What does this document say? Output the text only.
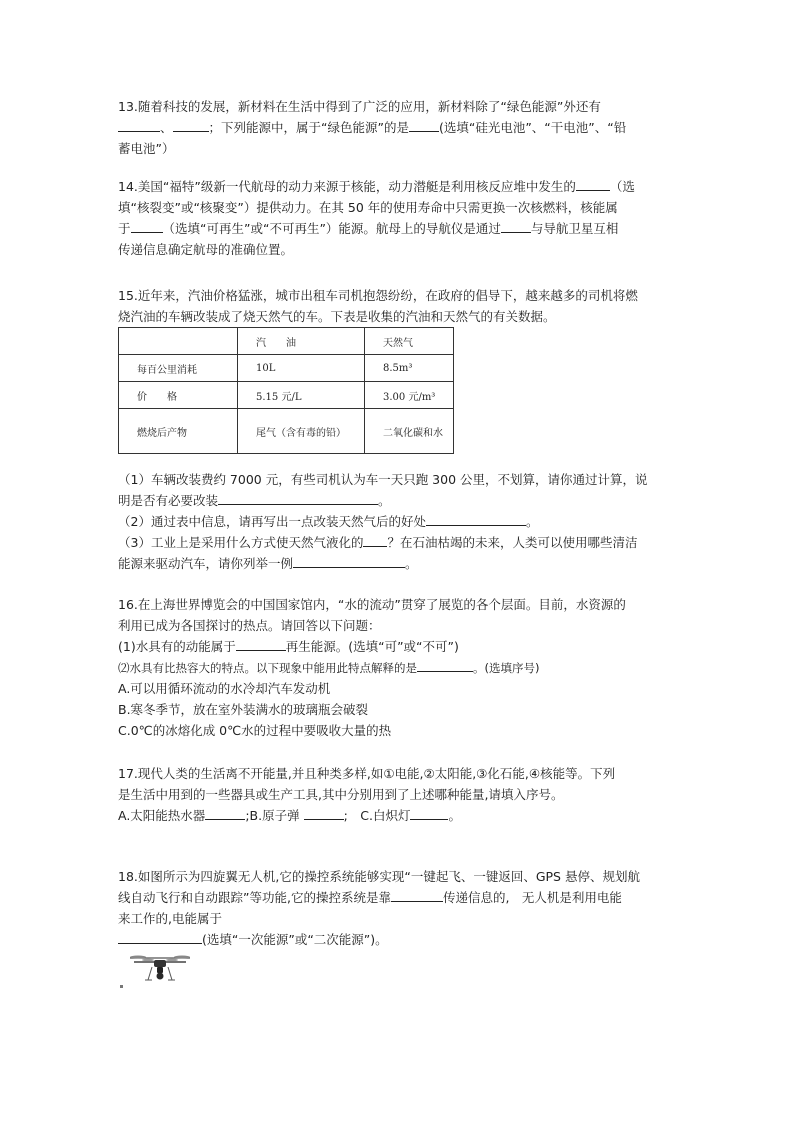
13.随着科技的发展，新材料在生活中得到了广泛的应用，新材料除了“绿色能源”外还有
、	；下列能源中，属于“绿色能源”的是 (选填“硅光电池”、“干电池”、“铅
蓄电池”）
14.美国“福特”级新一代航母的动力来源于核能，动力潜艇是利用核反应堆中发生的	（选
填“核裂变”或“核聚变”）提供动力。在其 50 年的使用寿命中只需更换一次核燃料，核能属
于	（选填“可再生”或“不可再生”）能源。航母上的导航仪是通过 与导航卫星互相
传递信息确定航母的准确位置。
15.近年来，汽油价格猛涨，城市出租车司机抱怨纷纷，在政府的倡导下，越来越多的司机将燃
烧汽油的车辆改装成了烧天然气的车。下表是收集的汽油和天然气的有关数据。
	汽　　油	天然气
每百公里消耗	10L	8.5m³
价　　格	5.15 元/L	3.00 元/m³
燃烧后产物	尾气（含有毒的铅）	二氧化碳和水
（1）车辆改装费约 7000 元，有些司机认为车一天只跑 300 公里，不划算，请你通过计算，说
明是否有必要改装	。
（2）通过表中信息，请再写出一点改装天然气后的好处	。
（3）工业上是采用什么方式使天然气液化的 ？在石油枯竭的未来，人类可以使用哪些清洁
能源来驱动汽车，请你列举一例	。
16.在上海世界博览会的中国国家馆内，“水的流动”贯穿了展览的各个层面。目前，水资源的
利用已成为各国探讨的热点。请回答以下问题：
(1)水具有的动能属于	再生能源。(选填“可”或“不可”)
⑵水具有比热容大的特点。以下现象中能用此特点解释的是	。(选填序号)
A.可以用循环流动的水冷却汽车发动机
B.寒冬季节，放在室外装满水的玻璃瓶会破裂
C.0℃的冰熔化成 0℃水的过程中要吸收大量的热
17.现代人类的生活离不开能量,并且种类多样,如①电能,②太阳能,③化石能,④核能等。下列
是生活中用到的一些器具或生产工具,其中分别用到了上述哪种能量,请填入序号。
A.太阳能热水器	;B.原子弹	;　C.白炽灯	。
18.如图所示为四旋翼无人机,它的操控系统能够实现“一键起飞、一键返回、GPS 悬停、规划航
线自动飞行和自动跟踪”等功能,它的操控系统是靠	传递信息的,　无人机是利用电能
来工作的,电能属于
(选填“一次能源”或“二次能源”)。
